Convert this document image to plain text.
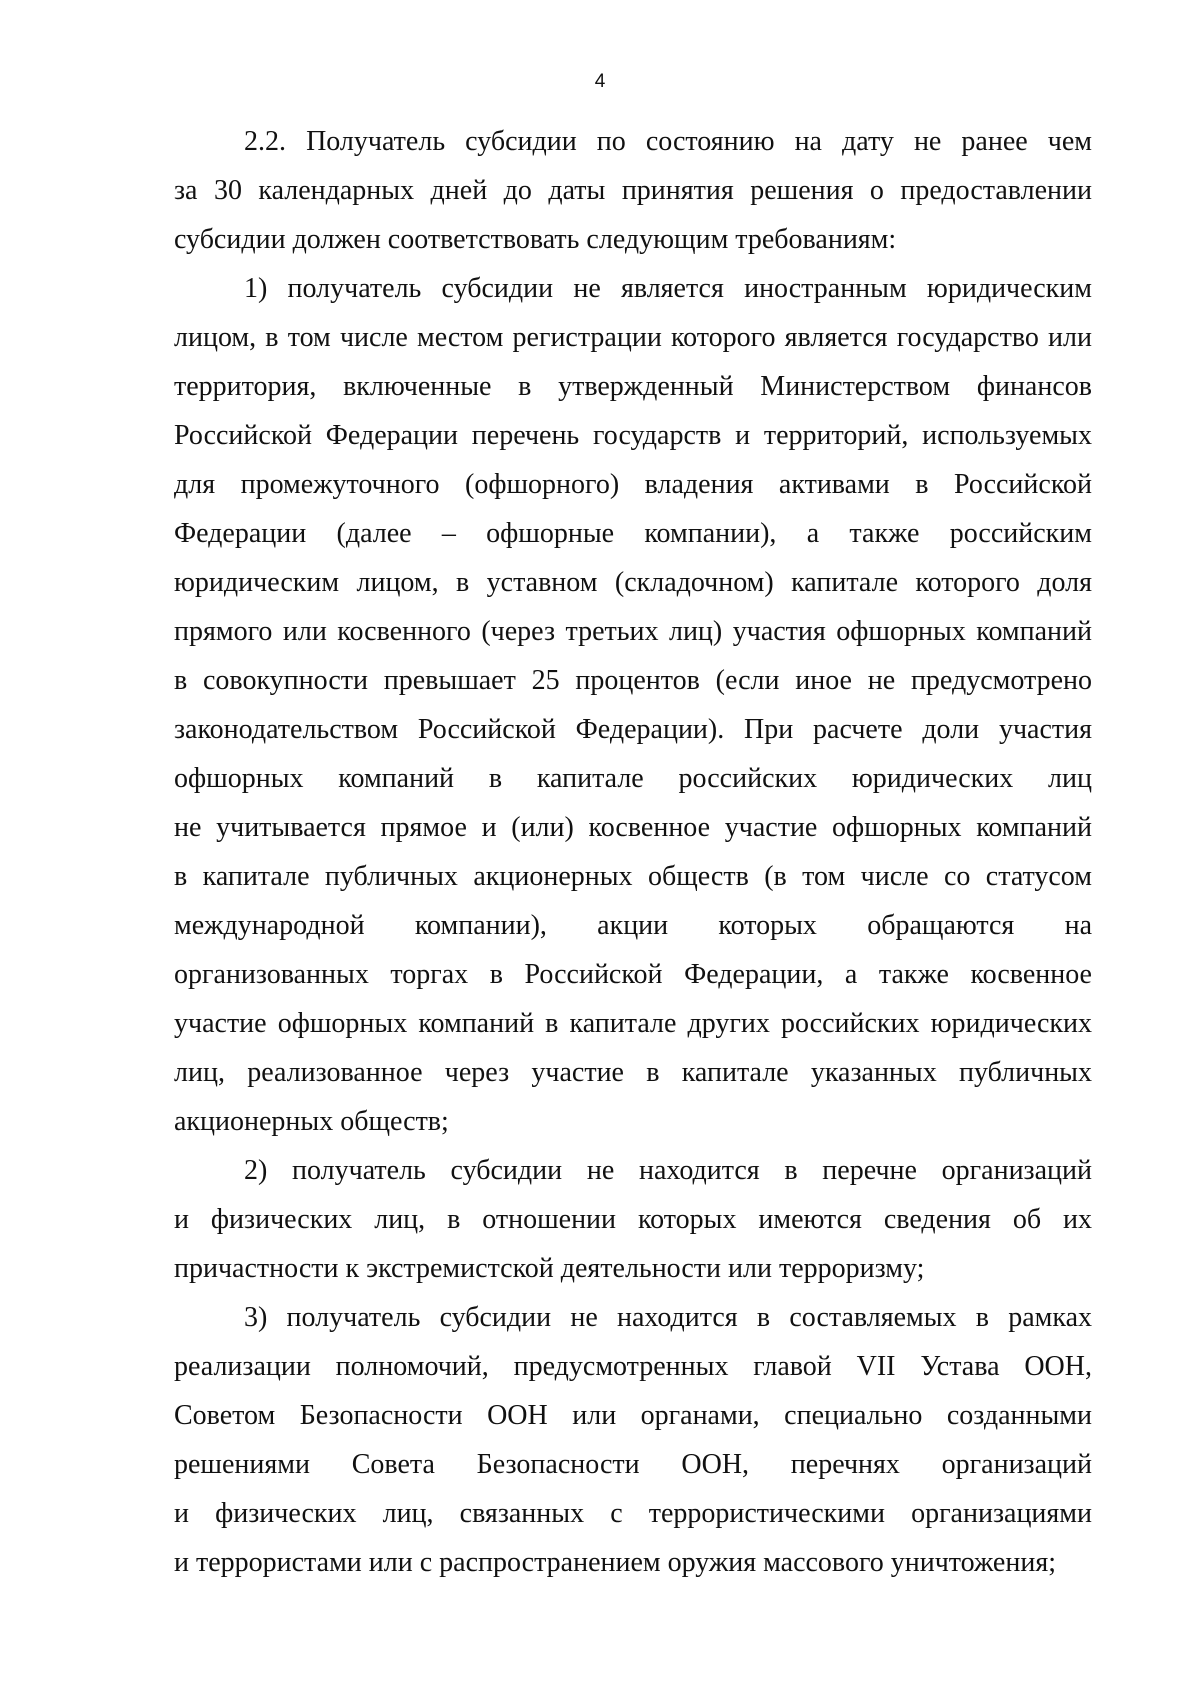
4

2.2. Получатель субсидии по состоянию на дату не ранее чем
за 30 календарных дней до даты принятия решения о предоставлении
субсидии должен соответствовать следующим требованиям:

1) получатель субсидии не является иностранным юридическим
лицом, в том числе местом регистрации которого является государство или
территория, включенные в утвержденный Министерством финансов
Российской Федерации перечень государств и территорий, используемых
для промежуточного (офшорного) владения активами в Российской
Федерации (далее – офшорные компании), а также российским
юридическим лицом, в уставном (складочном) капитале которого доля
прямого или косвенного (через третьих лиц) участия офшорных компаний
в совокупности превышает 25 процентов (если иное не предусмотрено
законодательством Российской Федерации). При расчете доли участия
офшорных компаний в капитале российских юридических лиц
не учитывается прямое и (или) косвенное участие офшорных компаний
в капитале публичных акционерных обществ (в том числе со статусом
международной компании), акции которых обращаются на
организованных торгах в Российской Федерации, а также косвенное
участие офшорных компаний в капитале других российских юридических
лиц, реализованное через участие в капитале указанных публичных
акционерных обществ;

2) получатель субсидии не находится в перечне организаций
и физических лиц, в отношении которых имеются сведения об их
причастности к экстремистской деятельности или терроризму;

3) получатель субсидии не находится в составляемых в рамках
реализации полномочий, предусмотренных главой VII Устава ООН,
Советом Безопасности ООН или органами, специально созданными
решениями Совета Безопасности ООН, перечнях организаций
и физических лиц, связанных с террористическими организациями
и террористами или с распространением оружия массового уничтожения;
